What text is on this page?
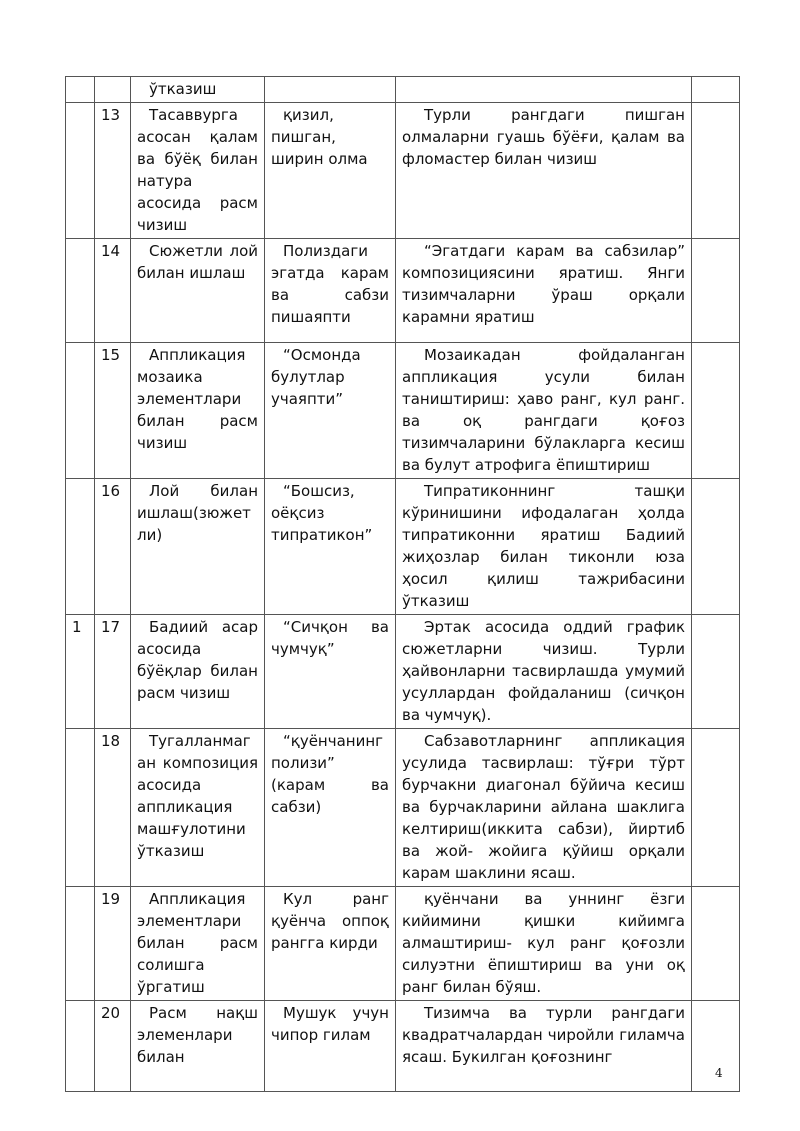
		ўтказиш			
	13	Тасаввурга асосан қалам ва бўёқ билан натура асосида расм чизиш	қизил, пишган, ширин олма	Турли рангдаги пишган олмаларни гуашь бўёғи, қалам ва фломастер билан чизиш	
	14	Сюжетли лой билан ишлаш	Полиздаги эгатда карам ва сабзи пишаяпти	“Эгатдаги карам ва сабзилар” композициясини яратиш. Янги тизимчаларни ўраш орқали карамни яратиш	
	15	Аппликация мозаика элементлари билан расм чизиш	“Осмонда булутлар учаяпти”	Мозаикадан фойдаланган аппликация усули билан таништириш: ҳаво ранг, кул ранг. ва оқ рангдаги қоғоз тизимчаларини бўлакларга кесиш ва булут атрофига ёпиштириш	
	16	Лой билан ишлаш(зюжет ли)	“Бошсиз, оёқсиз типратикон”	Типратиконнинг ташқи кўринишини ифодалаган ҳолда типратиконни яратиш Бадиий жиҳозлар билан тиконли юза ҳосил қилиш тажрибасини ўтказиш	
1	17	Бадиий асар асосида бўёқлар билан расм чизиш	“Сичқон ва чумчуқ”	Эртак асосида оддий график сюжетларни чизиш. Турли ҳайвонларни тасвирлашда умумий усуллардан фойдаланиш (сичқон ва чумчуқ).	
	18	Тугалланмаган композиция асосида аппликация машғулотини ўтказиш	“қуёнчанинг полизи” (карам ва сабзи)	Сабзавотларнинг аппликация усулида тасвирлаш: тўғри тўрт бурчакни диагонал бўйича кесиш ва бурчакларини айлана шаклига келтириш(иккита сабзи), йиртиб ва жой- жойига қўйиш орқали карам шаклини ясаш.	
	19	Аппликация элементлари билан расм солишга ўргатиш	Кул ранг қуёнча оппоқ рангга кирди	қуёнчани ва уннинг ёзги кийимини қишки кийимга алмаштириш- кул ранг қоғозли силуэтни ёпиштириш ва уни оқ ранг билан бўяш.	
	20	Расм нақш элеменлари билан	Мушук учун чипор гилам	Тизимча ва турли рангдаги квадратчалардан чиройли гиламча ясаш. Букилган қоғознинг	
4
